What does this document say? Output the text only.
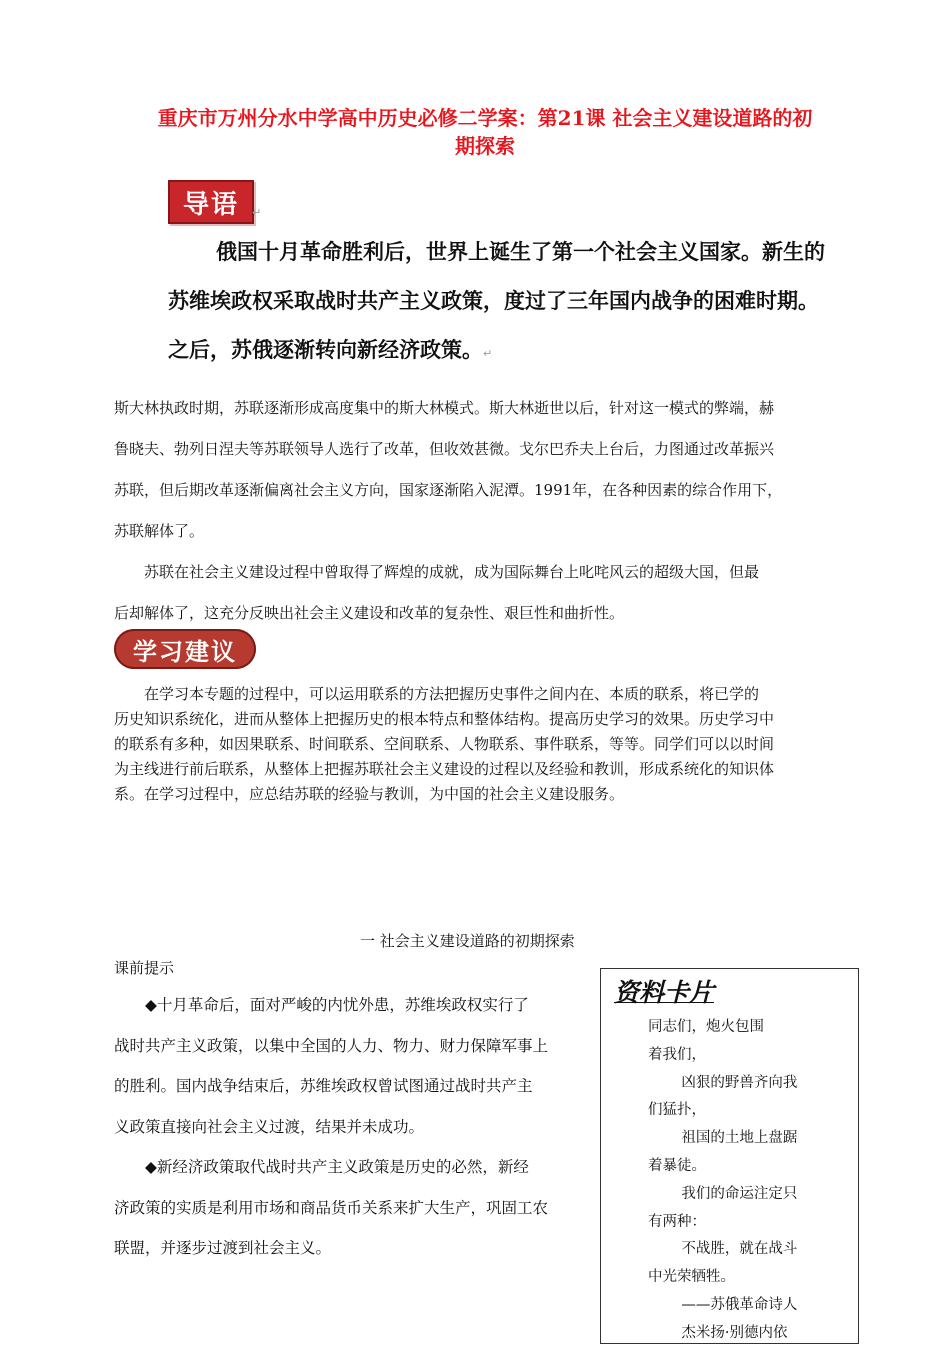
重庆市万州分水中学高中历史必修二学案：第21课 社会主义建设道路的初
期探索
导语	↵

俄国十月革命胜利后，世界上诞生了第一个社会主义国家。新生的

苏维埃政权采取战时共产主义政策，度过了三年国内战争的困难时期。

之后，苏俄逐渐转向新经济政策。↵

斯大林执政时期，苏联逐渐形成高度集中的斯大林模式。斯大林逝世以后，针对这一模式的弊端，赫

鲁晓夫、勃列日涅夫等苏联领导人选行了改革，但收效甚微。戈尔巴乔夫上台后，力图通过改革振兴

苏联，但后期改革逐渐偏离社会主义方向，国家逐渐陷入泥潭。1991年，在各种因素的综合作用下，

苏联解体了。

苏联在社会主义建设过程中曾取得了辉煌的成就，成为国际舞台上叱咤风云的超级大国，但最

后却解体了，这充分反映出社会主义建设和改革的复杂性、艰巨性和曲折性。

学习建议

在学习本专题的过程中，可以运用联系的方法把握历史事件之间内在、本质的联系，将已学的

历史知识系统化，进而从整体上把握历史的根本特点和整体结构。提高历史学习的效果。历史学习中

的联系有多种，如因果联系、时间联系、空间联系、人物联系、事件联系，等等。同学们可以以时间

为主线进行前后联系，从整体上把握苏联社会主义建设的过程以及经验和教训，形成系统化的知识体

系。在学习过程中，应总结苏联的经验与教训，为中国的社会主义建设服务。

一 社会主义建设道路的初期探索
课前提示

◆十月革命后，面对严峻的内忧外患，苏维埃政权实行了

战时共产主义政策，以集中全国的人力、物力、财力保障军事上

的胜利。国内战争结束后，苏维埃政权曾试图通过战时共产主

义政策直接向社会主义过渡，结果并未成功。

◆新经济政策取代战时共产主义政策是历史的必然，新经

济政策的实质是利用市场和商品货币关系来扩大生产，巩固工农

联盟，并逐步过渡到社会主义。

资料卡片

同志们，炮火包围

着我们，

凶狠的野兽齐向我

们猛扑，

祖国的土地上盘踞

着暴徒。

我们的命运注定只

有两种：

不战胜，就在战斗

中光荣牺牲。

——苏俄革命诗人

杰米扬·别德内依
